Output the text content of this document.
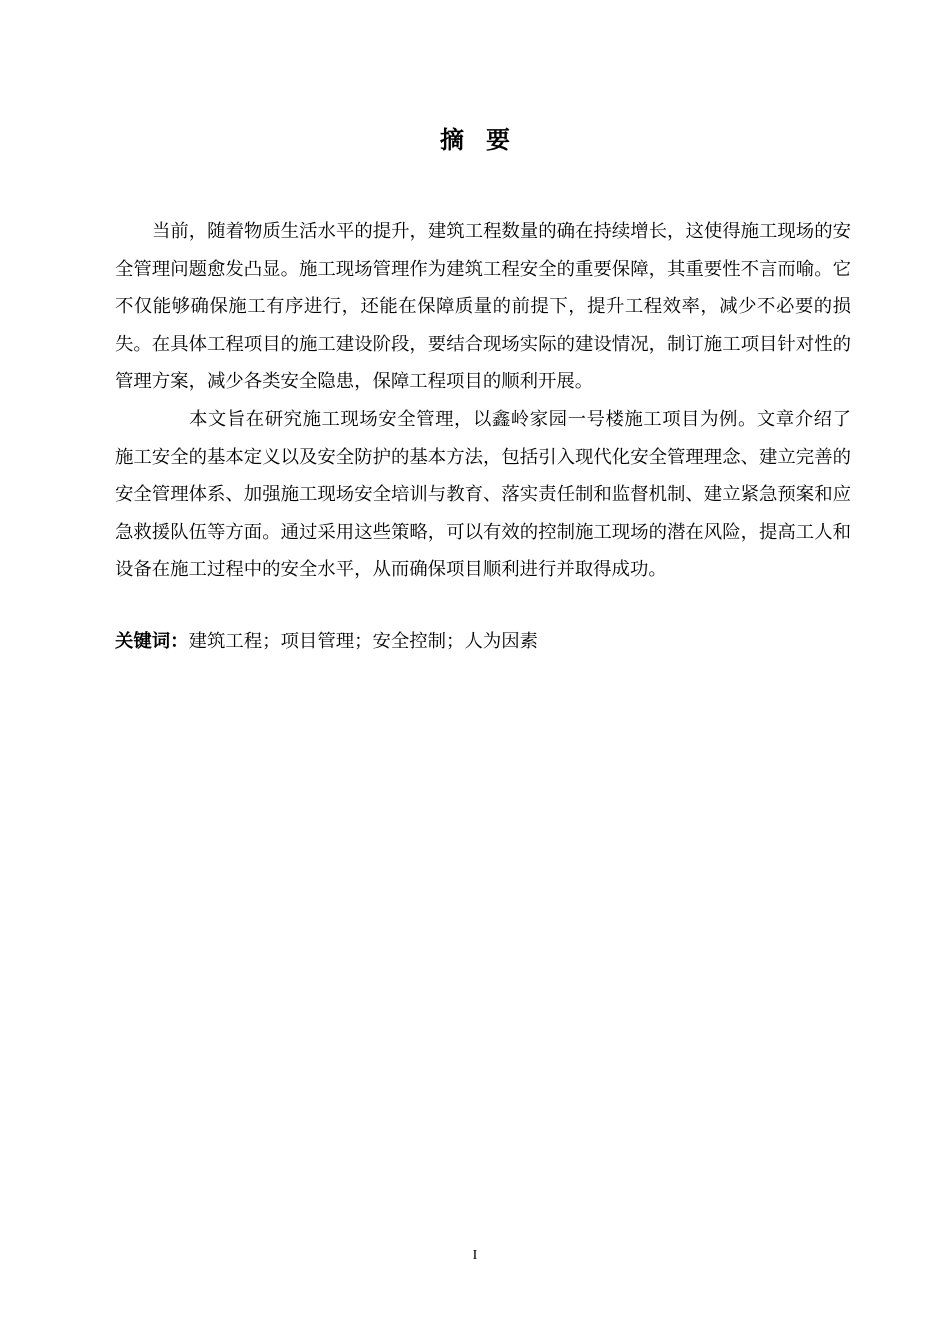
摘 要

当前，随着物质生活水平的提升，建筑工程数量的确在持续增长，这使得施工现场的安全管理问题愈发凸显。施工现场管理作为建筑工程安全的重要保障，其重要性不言而喻。它不仅能够确保施工有序进行，还能在保障质量的前提下，提升工程效率，减少不必要的损失。在具体工程项目的施工建设阶段，要结合现场实际的建设情况，制订施工项目针对性的管理方案，减少各类安全隐患，保障工程项目的顺利开展。

本文旨在研究施工现场安全管理，以鑫岭家园一号楼施工项目为例。文章介绍了施工安全的基本定义以及安全防护的基本方法，包括引入现代化安全管理理念、建立完善的安全管理体系、加强施工现场安全培训与教育、落实责任制和监督机制、建立紧急预案和应急救援队伍等方面。通过采用这些策略，可以有效的控制施工现场的潜在风险，提高工人和设备在施工过程中的安全水平，从而确保项目顺利进行并取得成功。

关键词：建筑工程；项目管理；安全控制；人为因素
I
